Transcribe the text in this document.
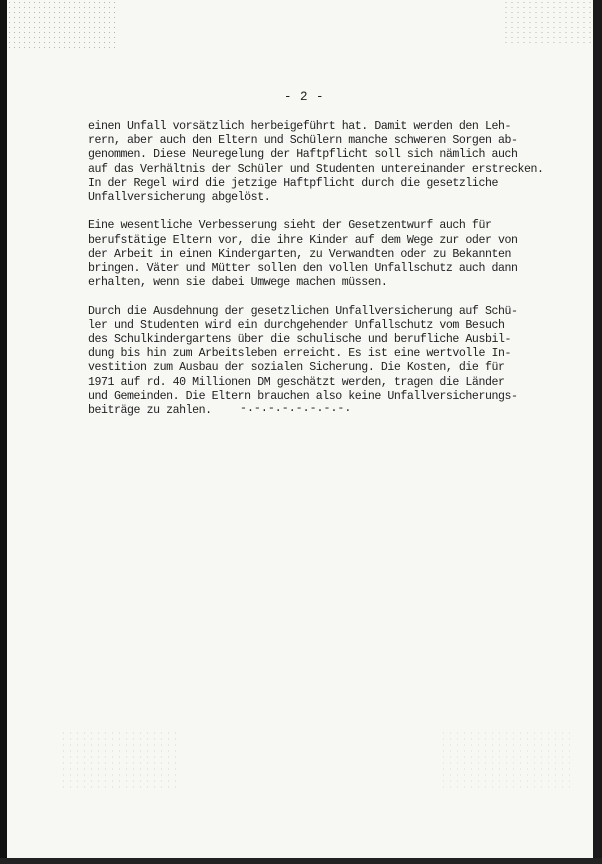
- 2 -
einen Unfall vorsätzlich herbeigeführt hat. Damit werden den Leh-
rern, aber auch den Eltern und Schülern manche schweren Sorgen ab-
genommen. Diese Neuregelung der Haftpflicht soll sich nämlich auch
auf das Verhältnis der Schüler und Studenten untereinander erstrecken.
In der Regel wird die jetzige Haftpflicht durch die gesetzliche
Unfallversicherung abgelöst.
Eine wesentliche Verbesserung sieht der Gesetzentwurf auch für
berufstätige Eltern vor, die ihre Kinder auf dem Wege zur oder von
der Arbeit in einen Kindergarten, zu Verwandten oder zu Bekannten
bringen. Väter und Mütter sollen den vollen Unfallschutz auch dann
erhalten, wenn sie dabei Umwege machen müssen.
Durch die Ausdehnung der gesetzlichen Unfallversicherung auf Schü-
ler und Studenten wird ein durchgehender Unfallschutz vom Besuch
des Schulkindergartens über die schulische und berufliche Ausbil-
dung bis hin zum Arbeitsleben erreicht. Es ist eine wertvolle In-
vestition zum Ausbau der sozialen Sicherung. Die Kosten, die für
1971 auf rd. 40 Millionen DM geschätzt werden, tragen die Länder
und Gemeinden. Die Eltern brauchen also keine Unfallversicherungs-
beiträge zu zahlen.	-.-.-.-.-.-.-.-.
